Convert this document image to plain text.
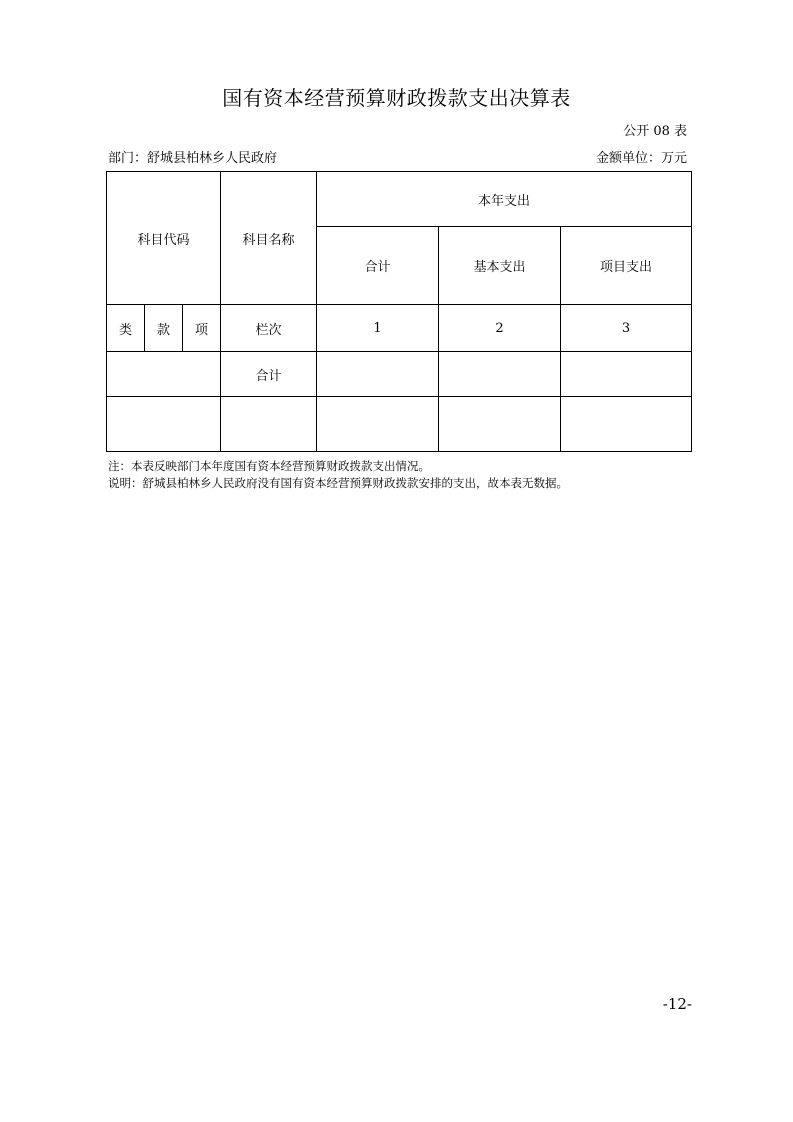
国有资本经营预算财政拨款支出决算表
公开 08 表
部门：舒城县柏林乡人民政府	金额单位：万元
科目代码			科目名称	本年支出		
				合计	基本支出	项目支出
类	款	项	栏次	1	2	3
			合计			

注：本表反映部门本年度国有资本经营预算财政拨款支出情况。
说明：舒城县柏林乡人民政府没有国有资本经营预算财政拨款安排的支出，故本表无数据。
-12-
